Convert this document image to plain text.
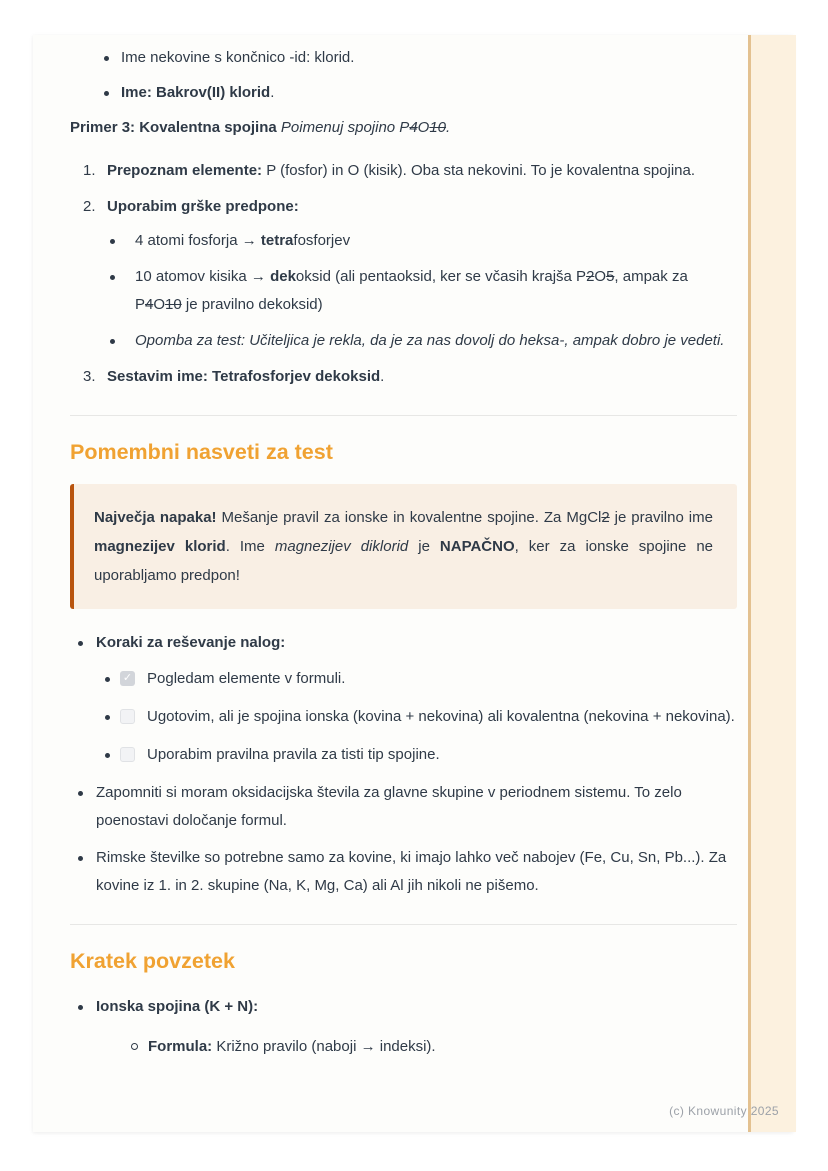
Ime nekovine s končnico -id: klorid.
Ime: Bakrov(II) klorid.

Primer 3: Kovalentna spojina Poimenuj spojino P4O10.

1. Prepoznam elemente: P (fosfor) in O (kisik). Oba sta nekovini. To je kovalentna spojina.
2. Uporabim grške predpone:
4 atomi fosforja → tetrafosforjev
10 atomov kisika → dekoksid (ali pentaoksid, ker se včasih krajša P2O5, ampak za P4O10 je pravilno dekoksid)
Opomba za test: Učiteljica je rekla, da je za nas dovolj do heksa-, ampak dobro je vedeti.
3. Sestavim ime: Tetrafosforjev dekoksid.
Pomembni nasveti za test
Največja napaka! Mešanje pravil za ionske in kovalentne spojine. Za MgCl2 je pravilno ime magnezijev klorid. Ime magnezijev diklorid je NAPAČNO, ker za ionske spojine ne uporabljamo predpon!
Koraki za reševanje nalog:
✓ Pogledam elemente v formuli.
Ugotovim, ali je spojina ionska (kovina + nekovina) ali kovalentna (nekovina + nekovina).
Uporabim pravilna pravila za tisti tip spojine.
Zapomniti si moram oksidacijska števila za glavne skupine v periodnem sistemu. To zelo poenostavi določanje formul.
Rimske številke so potrebne samo za kovine, ki imajo lahko več nabojev (Fe, Cu, Sn, Pb...). Za kovine iz 1. in 2. skupine (Na, K, Mg, Ca) ali Al jih nikoli ne pišemo.
Kratek povzetek
Ionska spojina (K + N):
Formula: Križno pravilo (naboji → indeksi).
(c) Knowunity 2025
